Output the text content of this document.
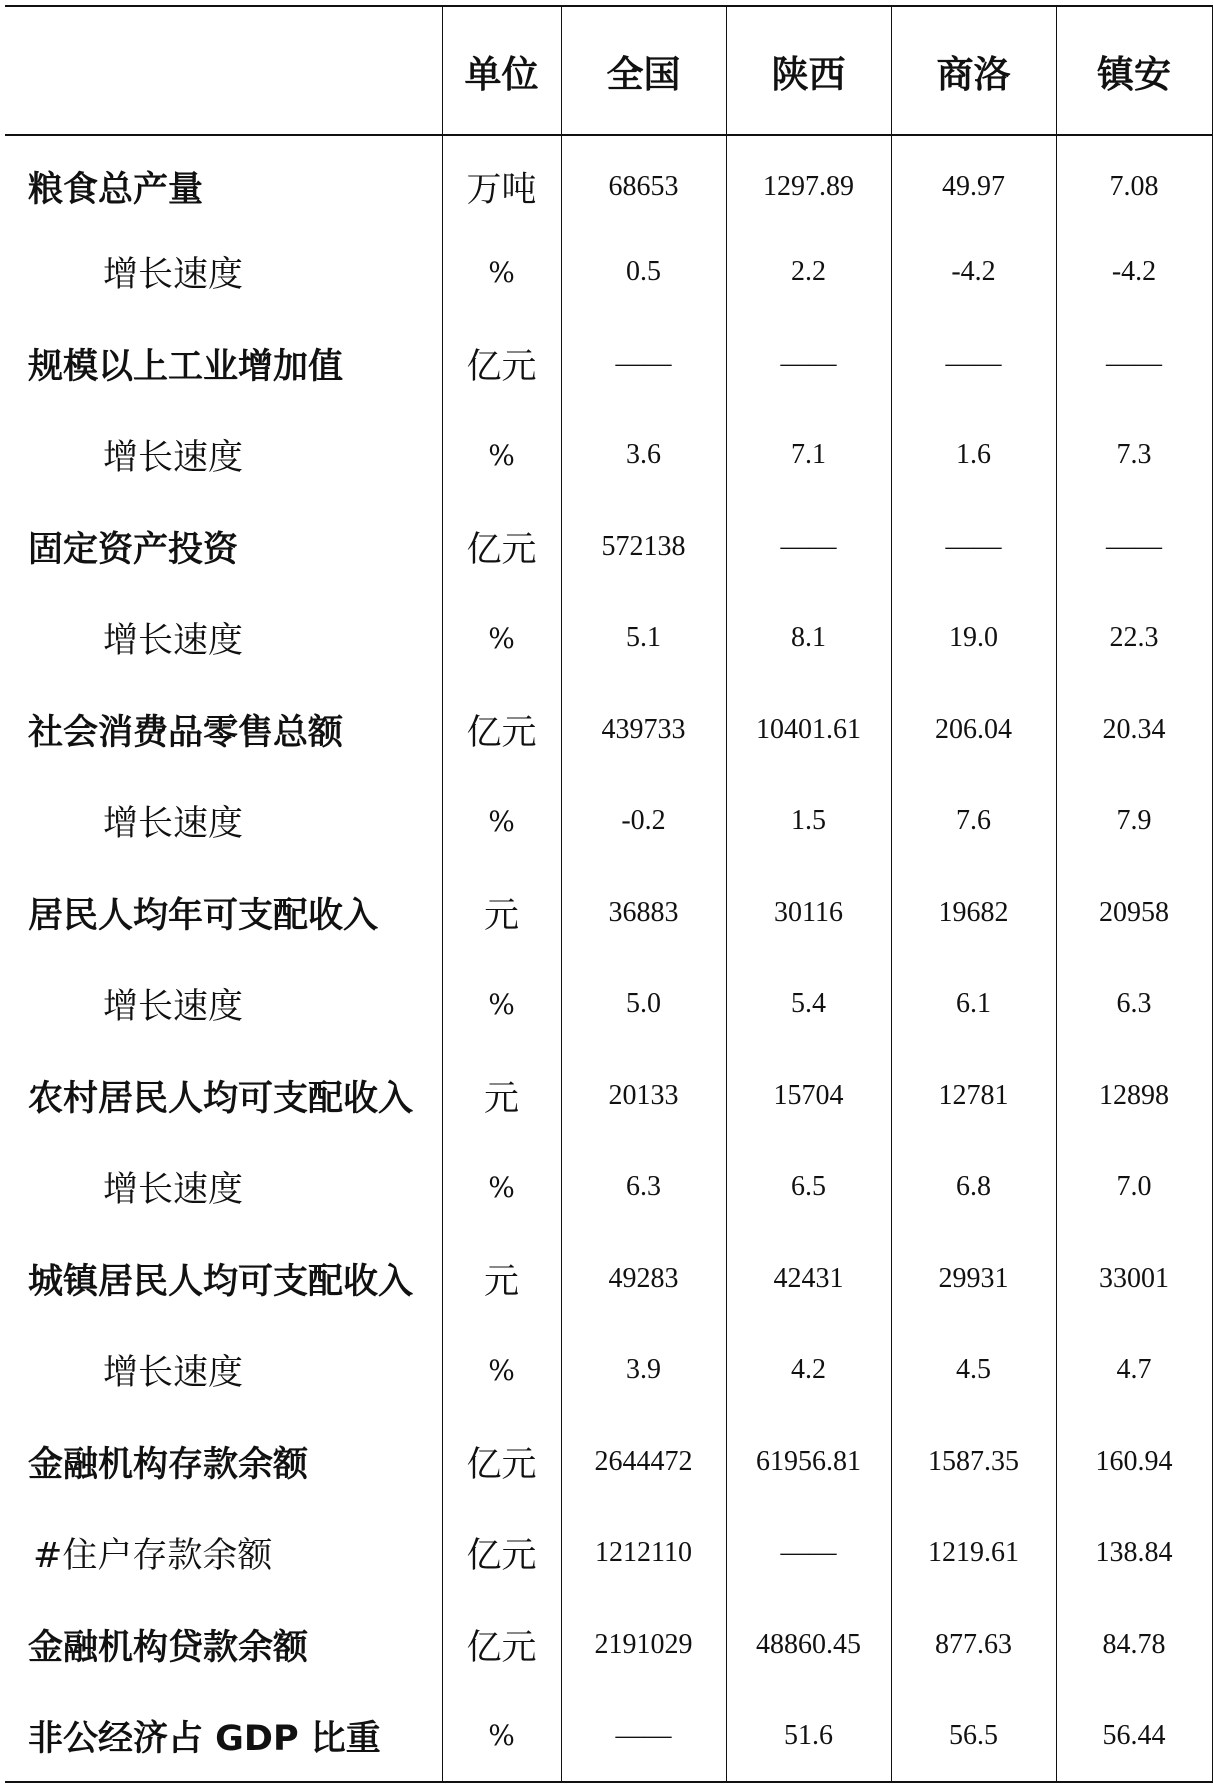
	单位	全国	陕西	商洛	镇安
粮食总产量	万吨	68653	1297.89	49.97	7.08
增长速度	%	0.5	2.2	-4.2	-4.2
规模以上工业增加值	亿元	——	——	——	——
增长速度	%	3.6	7.1	1.6	7.3
固定资产投资	亿元	572138	——	——	——
增长速度	%	5.1	8.1	19.0	22.3
社会消费品零售总额	亿元	439733	10401.61	206.04	20.34
增长速度	%	-0.2	1.5	7.6	7.9
居民人均年可支配收入	元	36883	30116	19682	20958
增长速度	%	5.0	5.4	6.1	6.3
农村居民人均可支配收入	元	20133	15704	12781	12898
增长速度	%	6.3	6.5	6.8	7.0
城镇居民人均可支配收入	元	49283	42431	29931	33001
增长速度	%	3.9	4.2	4.5	4.7
金融机构存款余额	亿元	2644472	61956.81	1587.35	160.94
#住户存款余额	亿元	1212110	——	1219.61	138.84
金融机构贷款余额	亿元	2191029	48860.45	877.63	84.78
非公经济占 GDP 比重	%	——	51.6	56.5	56.44
